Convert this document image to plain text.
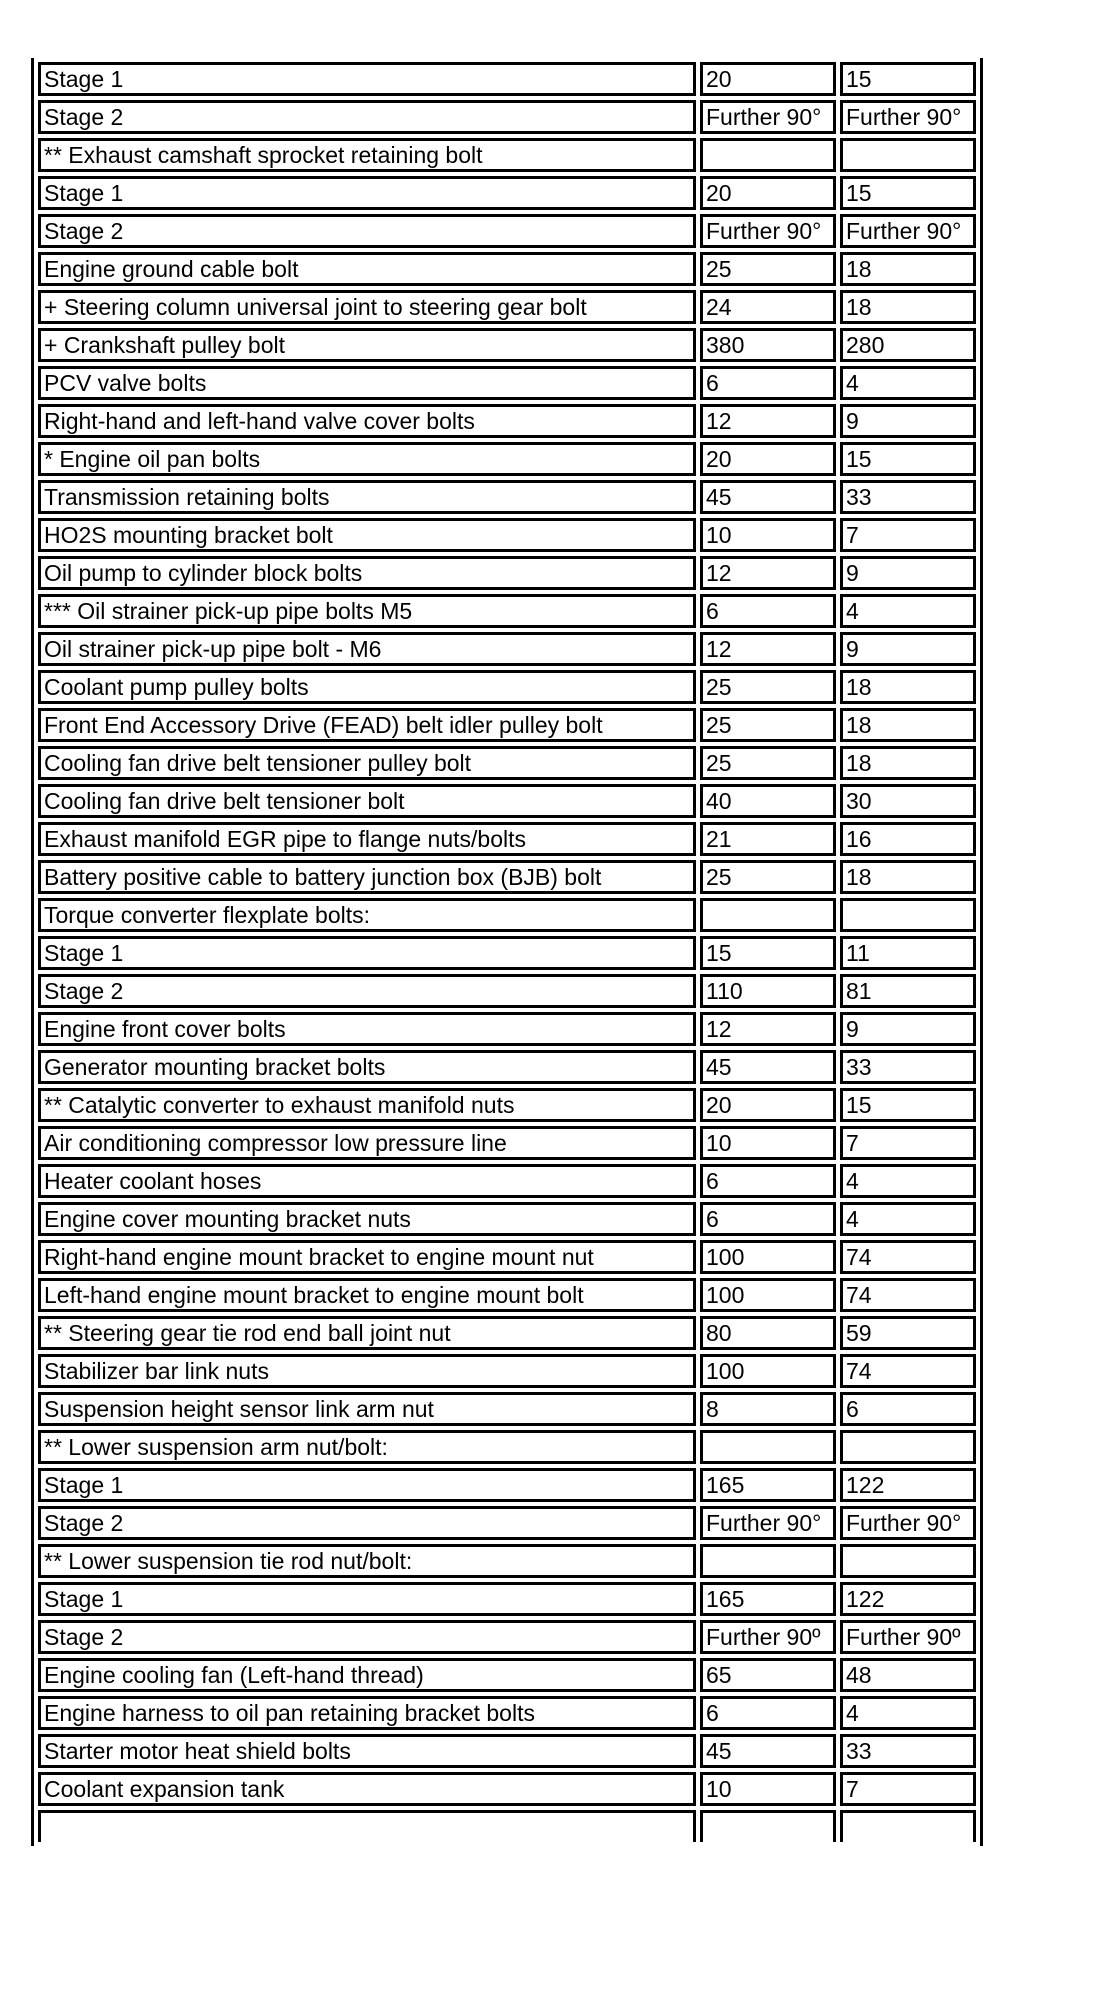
Stage 1	20	15
Stage 2	Further 90°	Further 90°
** Exhaust camshaft sprocket retaining bolt		
Stage 1	20	15
Stage 2	Further 90°	Further 90°
Engine ground cable bolt	25	18
+ Steering column universal joint to steering gear bolt	24	18
+ Crankshaft pulley bolt	380	280
PCV valve bolts	6	4
Right-hand and left-hand valve cover bolts	12	9
* Engine oil pan bolts	20	15
Transmission retaining bolts	45	33
HO2S mounting bracket bolt	10	7
Oil pump to cylinder block bolts	12	9
*** Oil strainer pick-up pipe bolts M5	6	4
Oil strainer pick-up pipe bolt - M6	12	9
Coolant pump pulley bolts	25	18
Front End Accessory Drive (FEAD) belt idler pulley bolt	25	18
Cooling fan drive belt tensioner pulley bolt	25	18
Cooling fan drive belt tensioner bolt	40	30
Exhaust manifold EGR pipe to flange nuts/bolts	21	16
Battery positive cable to battery junction box (BJB) bolt	25	18
Torque converter flexplate bolts:		
Stage 1	15	11
Stage 2	110	81
Engine front cover bolts	12	9
Generator mounting bracket bolts	45	33
** Catalytic converter to exhaust manifold nuts	20	15
Air conditioning compressor low pressure line	10	7
Heater coolant hoses	6	4
Engine cover mounting bracket nuts	6	4
Right-hand engine mount bracket to engine mount nut	100	74
Left-hand engine mount bracket to engine mount bolt	100	74
** Steering gear tie rod end ball joint nut	80	59
Stabilizer bar link nuts	100	74
Suspension height sensor link arm nut	8	6
** Lower suspension arm nut/bolt:		
Stage 1	165	122
Stage 2	Further 90°	Further 90°
** Lower suspension tie rod nut/bolt:		
Stage 1	165	122
Stage 2	Further 90º	Further 90º
Engine cooling fan (Left-hand thread)	65	48
Engine harness to oil pan retaining bracket bolts	6	4
Starter motor heat shield bolts	45	33
Coolant expansion tank	10	7
